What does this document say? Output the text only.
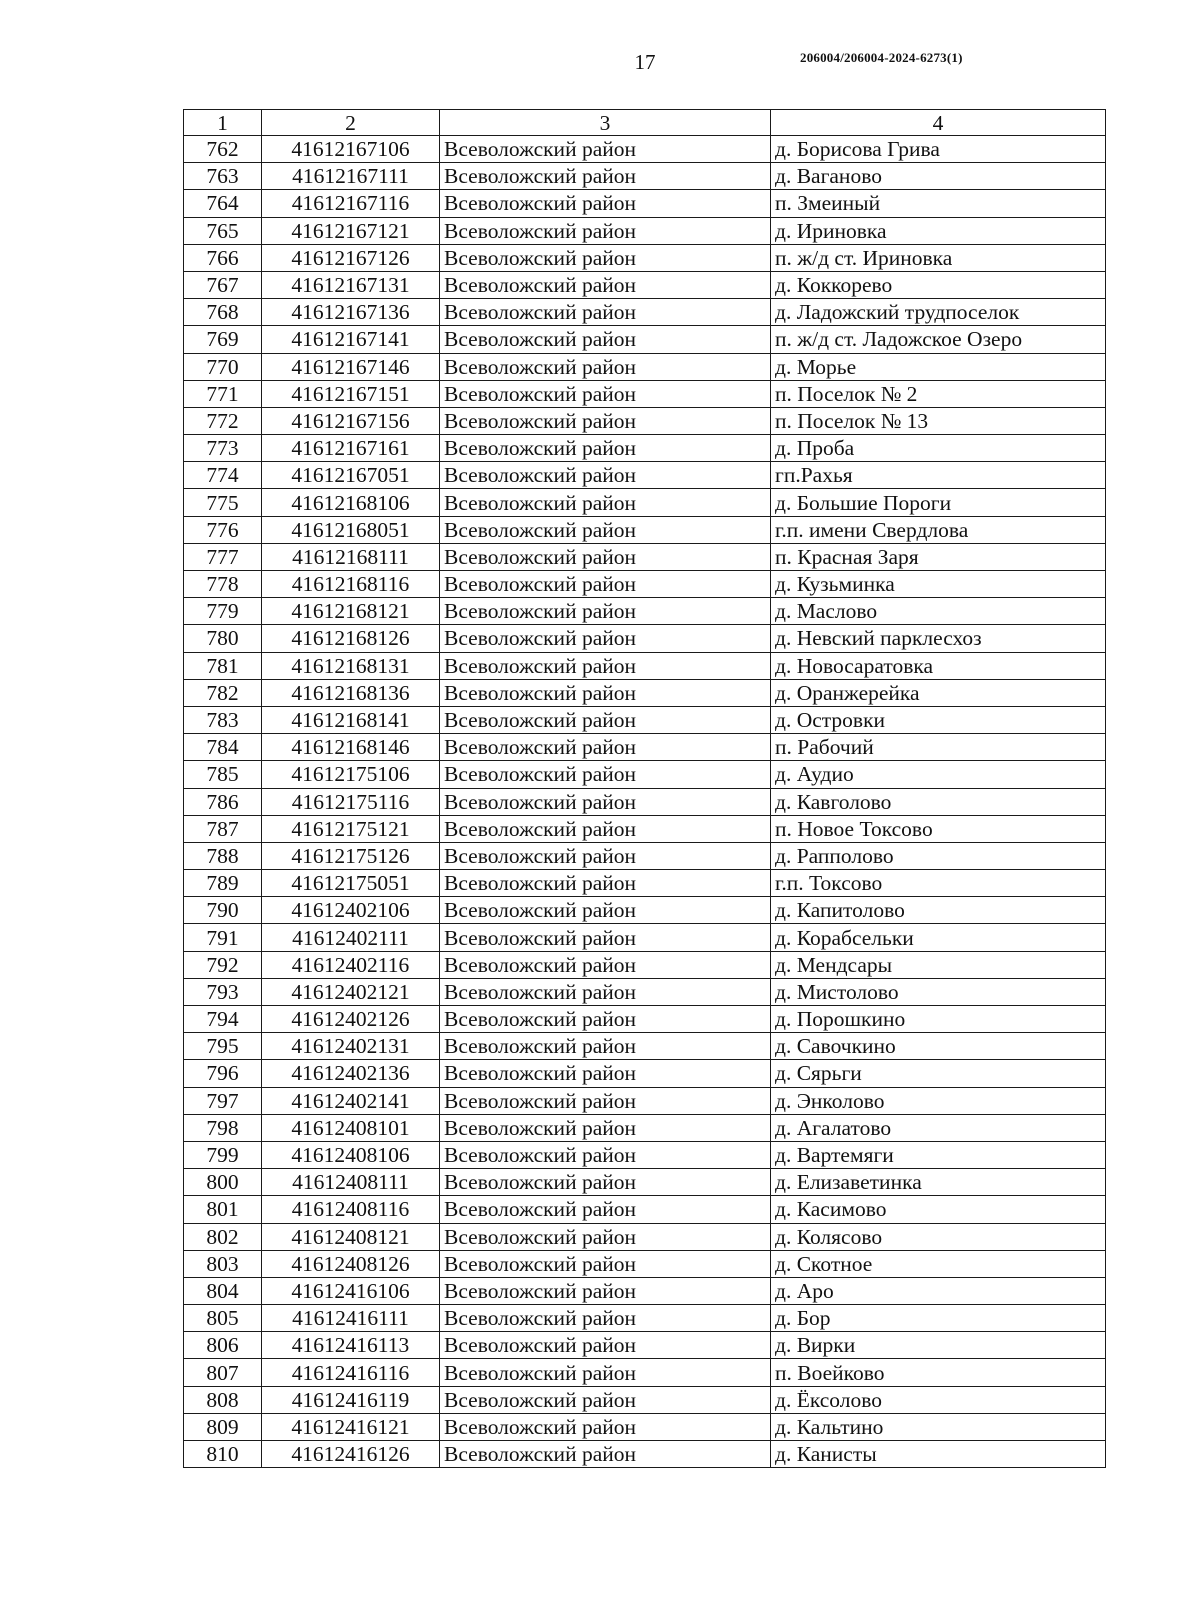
17	206004/206004-2024-6273(1)
1	2	3	4
762	41612167106	Всеволожский район	д. Борисова Грива
763	41612167111	Всеволожский район	д. Ваганово
764	41612167116	Всеволожский район	п. Змеиный
765	41612167121	Всеволожский район	д. Ириновка
766	41612167126	Всеволожский район	п. ж/д ст. Ириновка
767	41612167131	Всеволожский район	д. Коккорево
768	41612167136	Всеволожский район	д. Ладожский трудпоселок
769	41612167141	Всеволожский район	п. ж/д ст. Ладожское Озеро
770	41612167146	Всеволожский район	д. Морье
771	41612167151	Всеволожский район	п. Поселок № 2
772	41612167156	Всеволожский район	п. Поселок № 13
773	41612167161	Всеволожский район	д. Проба
774	41612167051	Всеволожский район	гп.Рахья
775	41612168106	Всеволожский район	д. Большие Пороги
776	41612168051	Всеволожский район	г.п. имени Свердлова
777	41612168111	Всеволожский район	п. Красная Заря
778	41612168116	Всеволожский район	д. Кузьминка
779	41612168121	Всеволожский район	д. Маслово
780	41612168126	Всеволожский район	д. Невский парклесхоз
781	41612168131	Всеволожский район	д. Новосаратовка
782	41612168136	Всеволожский район	д. Оранжерейка
783	41612168141	Всеволожский район	д. Островки
784	41612168146	Всеволожский район	п. Рабочий
785	41612175106	Всеволожский район	д. Аудио
786	41612175116	Всеволожский район	д. Кавголово
787	41612175121	Всеволожский район	п. Новое Токсово
788	41612175126	Всеволожский район	д. Рапполово
789	41612175051	Всеволожский район	г.п. Токсово
790	41612402106	Всеволожский район	д. Капитолово
791	41612402111	Всеволожский район	д. Корабсельки
792	41612402116	Всеволожский район	д. Мендсары
793	41612402121	Всеволожский район	д. Мистолово
794	41612402126	Всеволожский район	д. Порошкино
795	41612402131	Всеволожский район	д. Савочкино
796	41612402136	Всеволожский район	д. Сярьги
797	41612402141	Всеволожский район	д. Энколово
798	41612408101	Всеволожский район	д. Агалатово
799	41612408106	Всеволожский район	д. Вартемяги
800	41612408111	Всеволожский район	д. Елизаветинка
801	41612408116	Всеволожский район	д. Касимово
802	41612408121	Всеволожский район	д. Колясово
803	41612408126	Всеволожский район	д. Скотное
804	41612416106	Всеволожский район	д. Аро
805	41612416111	Всеволожский район	д. Бор
806	41612416113	Всеволожский район	д. Вирки
807	41612416116	Всеволожский район	п. Воейково
808	41612416119	Всеволожский район	д. Ёксолово
809	41612416121	Всеволожский район	д. Кальтино
810	41612416126	Всеволожский район	д. Канисты
